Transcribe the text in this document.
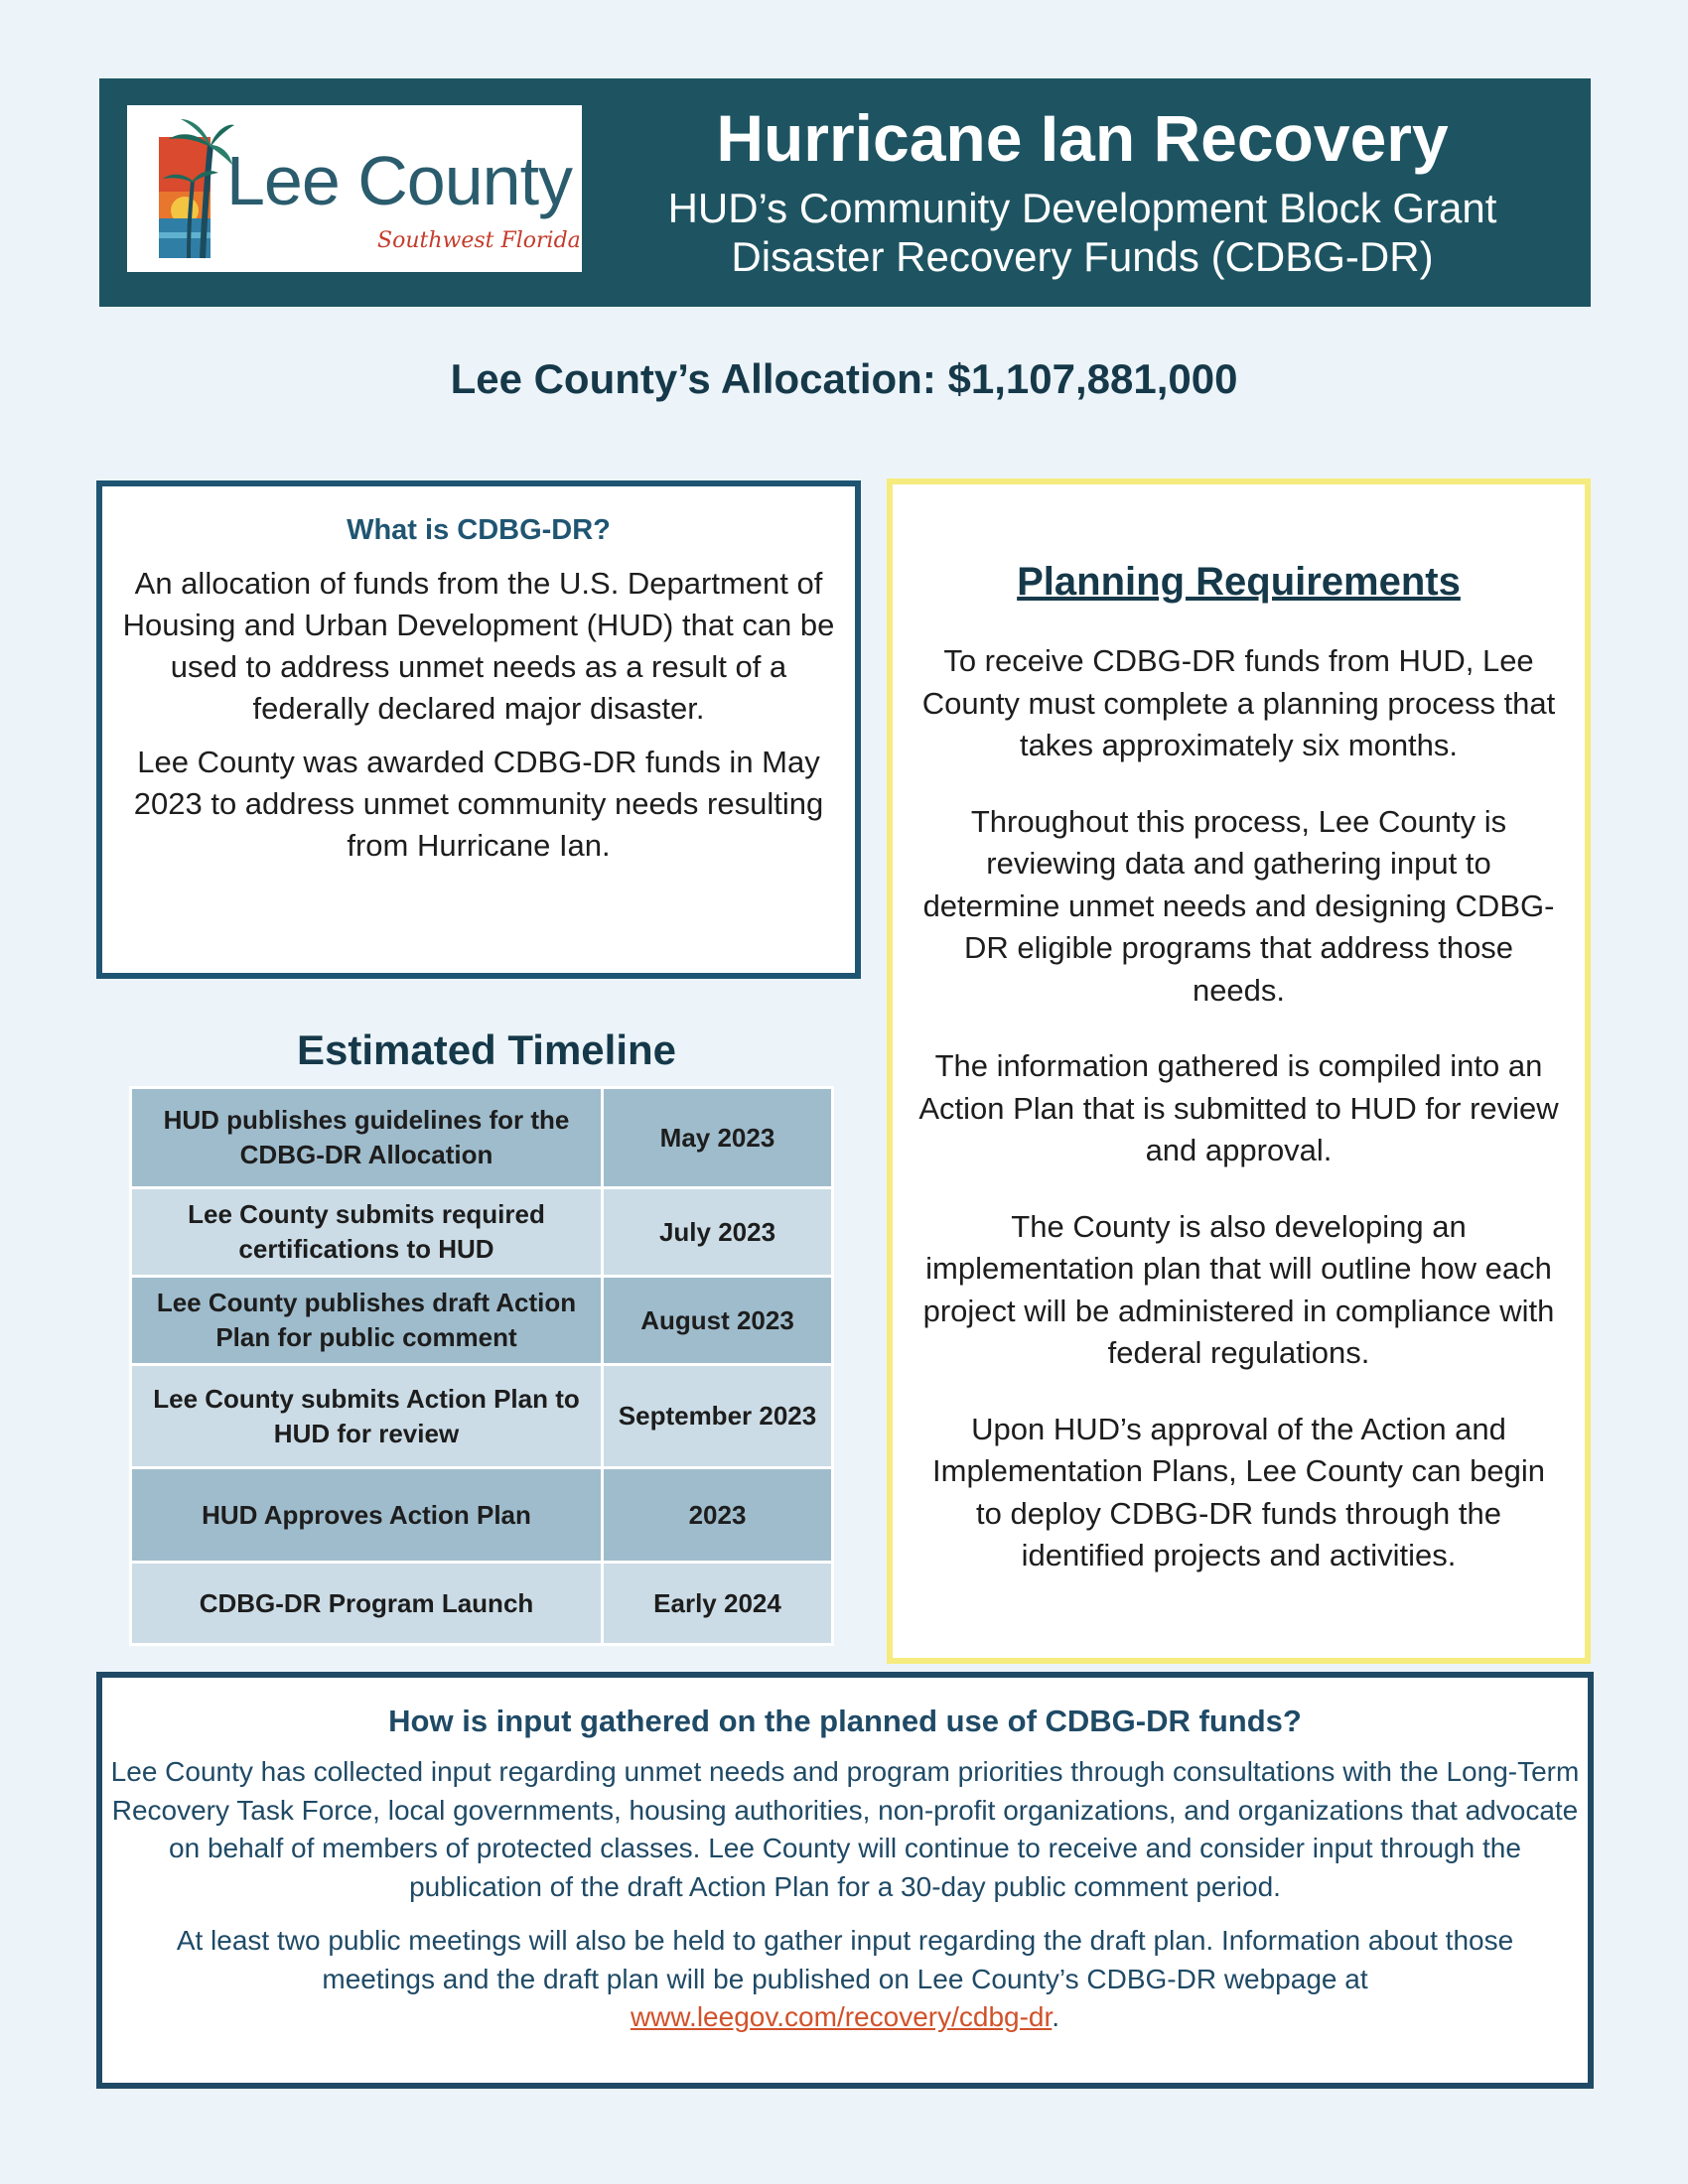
Lee County
Southwest Florida
Hurricane Ian Recovery
HUD’s Community Development Block Grant
Disaster Recovery Funds (CDBG-DR)
Lee County’s Allocation: $1,107,881,000
What is CDBG-DR?

An allocation of funds from the U.S. Department of Housing and Urban Development (HUD) that can be used to address unmet needs as a result of a federally declared major disaster.

Lee County was awarded CDBG-DR funds in May 2023 to address unmet community needs resulting from Hurricane Ian.

Estimated Timeline
HUD publishes guidelines for the CDBG-DR Allocation	May 2023
Lee County submits required certifications to HUD	July 2023
Lee County publishes draft Action Plan for public comment	August 2023
Lee County submits Action Plan to HUD for review	September 2023
HUD Approves Action Plan	2023
CDBG-DR Program Launch	Early 2024
Planning Requirements

To receive CDBG-DR funds from HUD, Lee County must complete a planning process that takes approximately six months.

Throughout this process, Lee County is reviewing data and gathering input to determine unmet needs and designing CDBG-DR eligible programs that address those needs.

The information gathered is compiled into an Action Plan that is submitted to HUD for review and approval.

The County is also developing an implementation plan that will outline how each project will be administered in compliance with federal regulations.

Upon HUD’s approval of the Action and Implementation Plans, Lee County can begin to deploy CDBG-DR funds through the identified projects and activities.

How is input gathered on the planned use of CDBG-DR funds?

Lee County has collected input regarding unmet needs and program priorities through consultations with the Long-Term Recovery Task Force, local governments, housing authorities, non-profit organizations, and organizations that advocate on behalf of members of protected classes. Lee County will continue to receive and consider input through the publication of the draft Action Plan for a 30-day public comment period.

At least two public meetings will also be held to gather input regarding the draft plan. Information about those meetings and the draft plan will be published on Lee County’s CDBG-DR webpage at www.leegov.com/recovery/cdbg-dr.
